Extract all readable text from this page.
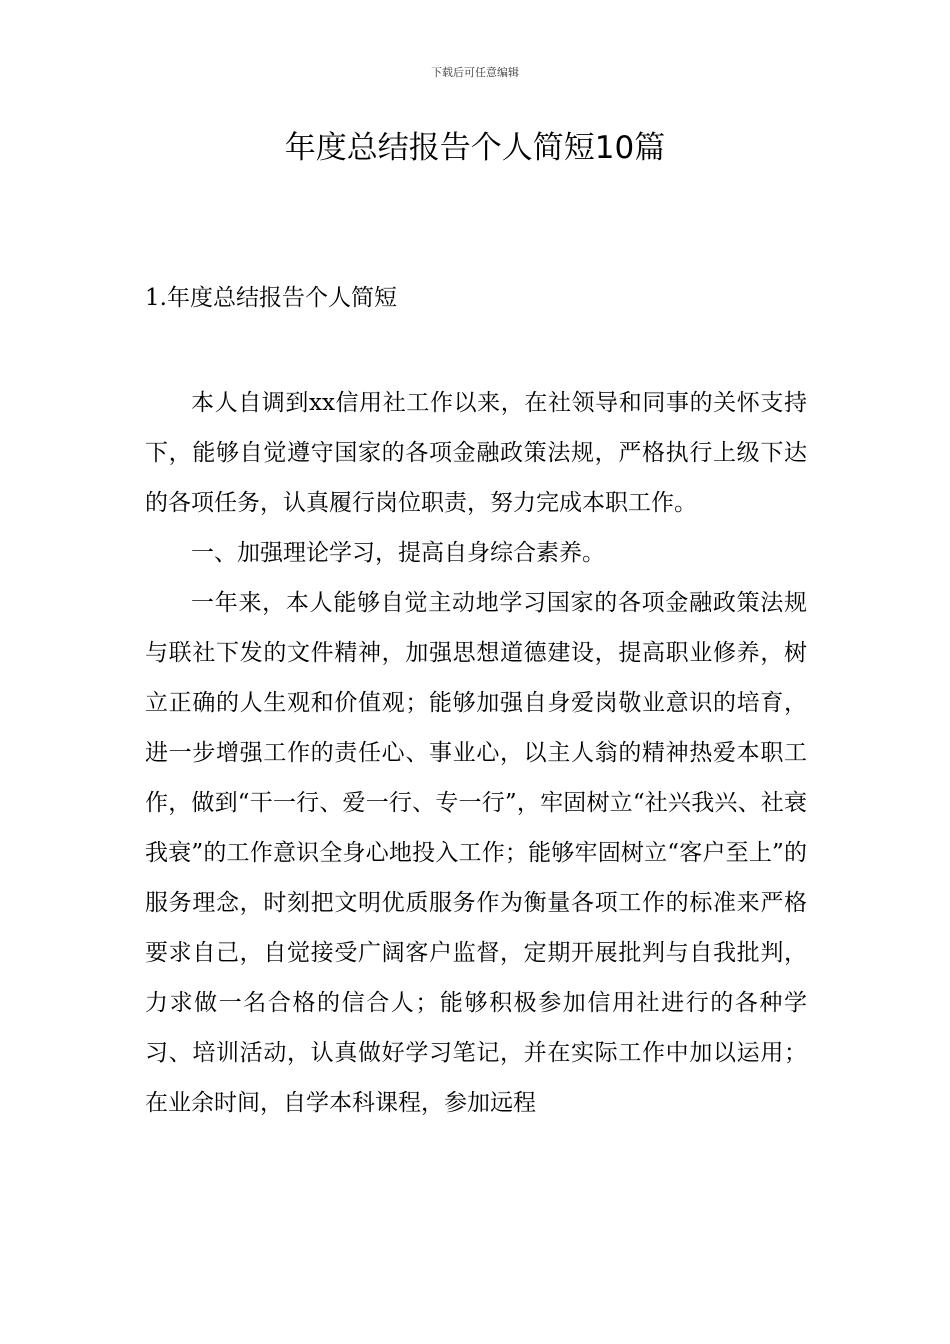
下载后可任意编辑
年度总结报告个人简短10篇
1.年度总结报告个人简短

本人自调到xx信用社工作以来，在社领导和同事的关怀支持下，能够自觉遵守国家的各项金融政策法规，严格执行上级下达的各项任务，认真履行岗位职责，努力完成本职工作。

一、加强理论学习，提高自身综合素养。

一年来，本人能够自觉主动地学习国家的各项金融政策法规与联社下发的文件精神，加强思想道德建设，提高职业修养，树立正确的人生观和价值观；能够加强自身爱岗敬业意识的培育，进一步增强工作的责任心、事业心，以主人翁的精神热爱本职工作，做到“干一行、爱一行、专一行”，牢固树立“社兴我兴、社衰我衰”的工作意识全身心地投入工作；能够牢固树立“客户至上”的服务理念，时刻把文明优质服务作为衡量各项工作的标准来严格要求自己，自觉接受广阔客户监督，定期开展批判与自我批判，力求做一名合格的信合人；能够积极参加信用社进行的各种学习、培训活动，认真做好学习笔记，并在实际工作中加以运用；在业余时间，自学本科课程，参加远程
